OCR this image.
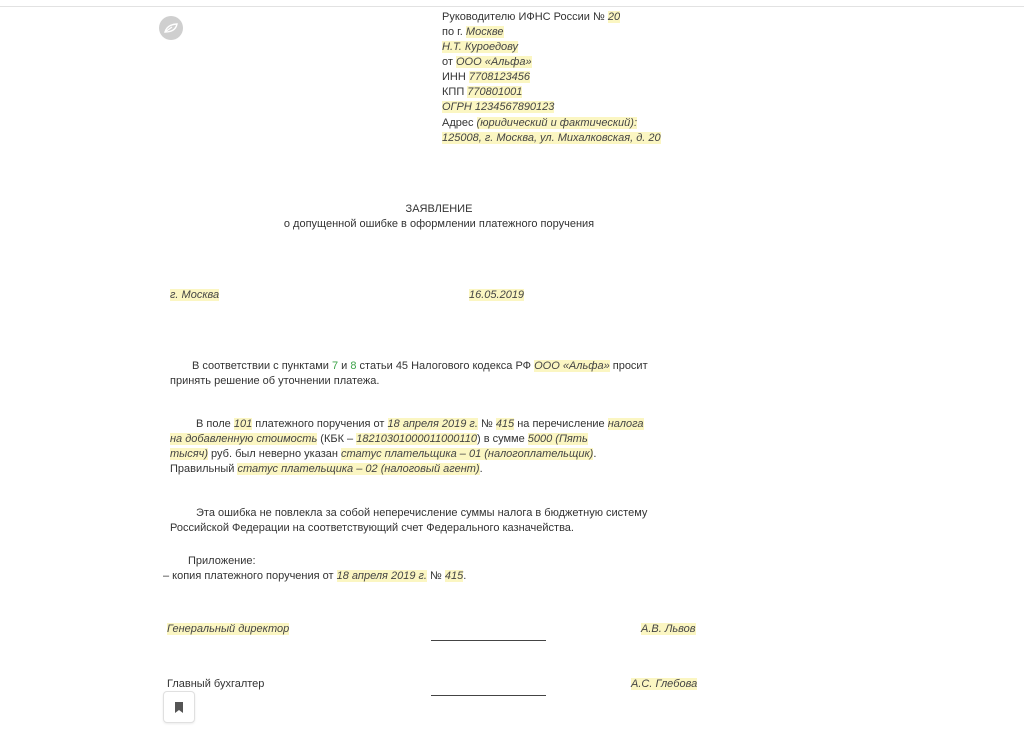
Руководителю ИФНС России № 20
по г. Москве
Н.Т. Куроедову
от ООО «Альфа»
ИНН 7708123456
КПП 770801001
ОГРН 1234567890123
Адрес (юридический и фактический):
125008, г. Москва, ул. Михалковская, д. 20
ЗАЯВЛЕНИЕ
о допущенной ошибке в оформлении платежного поручения
г. Москва	16.05.2019
В соответствии с пунктами 7 и 8 статьи 45 Налогового кодекса РФ ООО «Альфа» просит
принять решение об уточнении платежа.
В поле 101 платежного поручения от 18 апреля 2019 г. № 415 на перечисление налога
на добавленную стоимость (КБК – 18210301000011000110) в сумме 5000 (Пять
тысяч) руб. был неверно указан статус плательщика – 01 (налогоплательщик).
Правильный статус плательщика – 02 (налоговый агент).
Эта ошибка не повлекла за собой неперечисление суммы налога в бюджетную систему
Российской Федерации на соответствующий счет Федерального казначейства.
Приложение:
– копия платежного поручения от 18 апреля 2019 г. № 415.
Генеральный директор	А.В. Львов
Главный бухгалтер	А.С. Глебова
